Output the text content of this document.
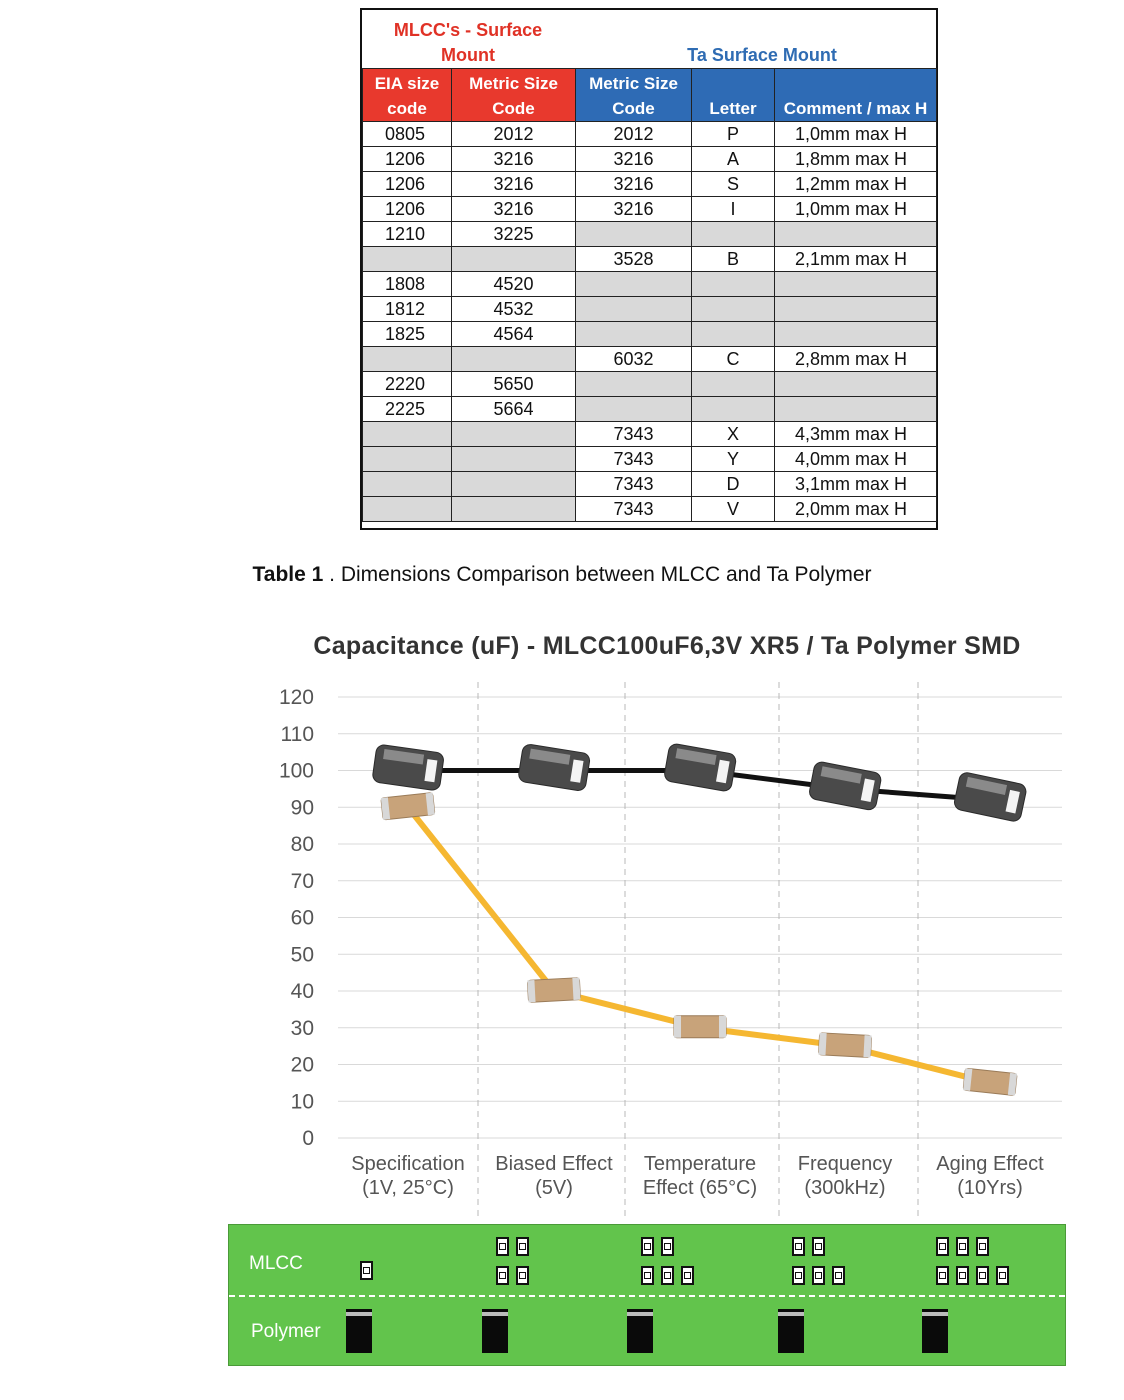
MLCC's - Surface Mount	Ta Surface Mount
EIA size code	Metric Size Code	Metric Size Code	Letter	Comment / max H
0805	2012	2012	P	1,0mm max H
1206	3216	3216	A	1,8mm max H
1206	3216	3216	S	1,2mm max H
1206	3216	3216	I	1,0mm max H
1210	3225			
		3528	B	2,1mm max H
1808	4520			
1812	4532			
1825	4564			
		6032	C	2,8mm max H
2220	5650			
2225	5664			
		7343	X	4,3mm max H
		7343	Y	4,0mm max H
		7343	D	3,1mm max H
		7343	V	2,0mm max H
Table 1 . Dimensions Comparison between MLCC and Ta Polymer
Capacitance (uF) - MLCC100uF6,3V XR5 / Ta Polymer SMD
0
10
20
30
40
50
60
70
80
90
100
110
120
Specification
(1V, 25°C)
Biased Effect
(5V)
Temperature
Effect (65°C)
Frequency
(300kHz)
Aging Effect
(10Yrs)
MLCC
Polymer
